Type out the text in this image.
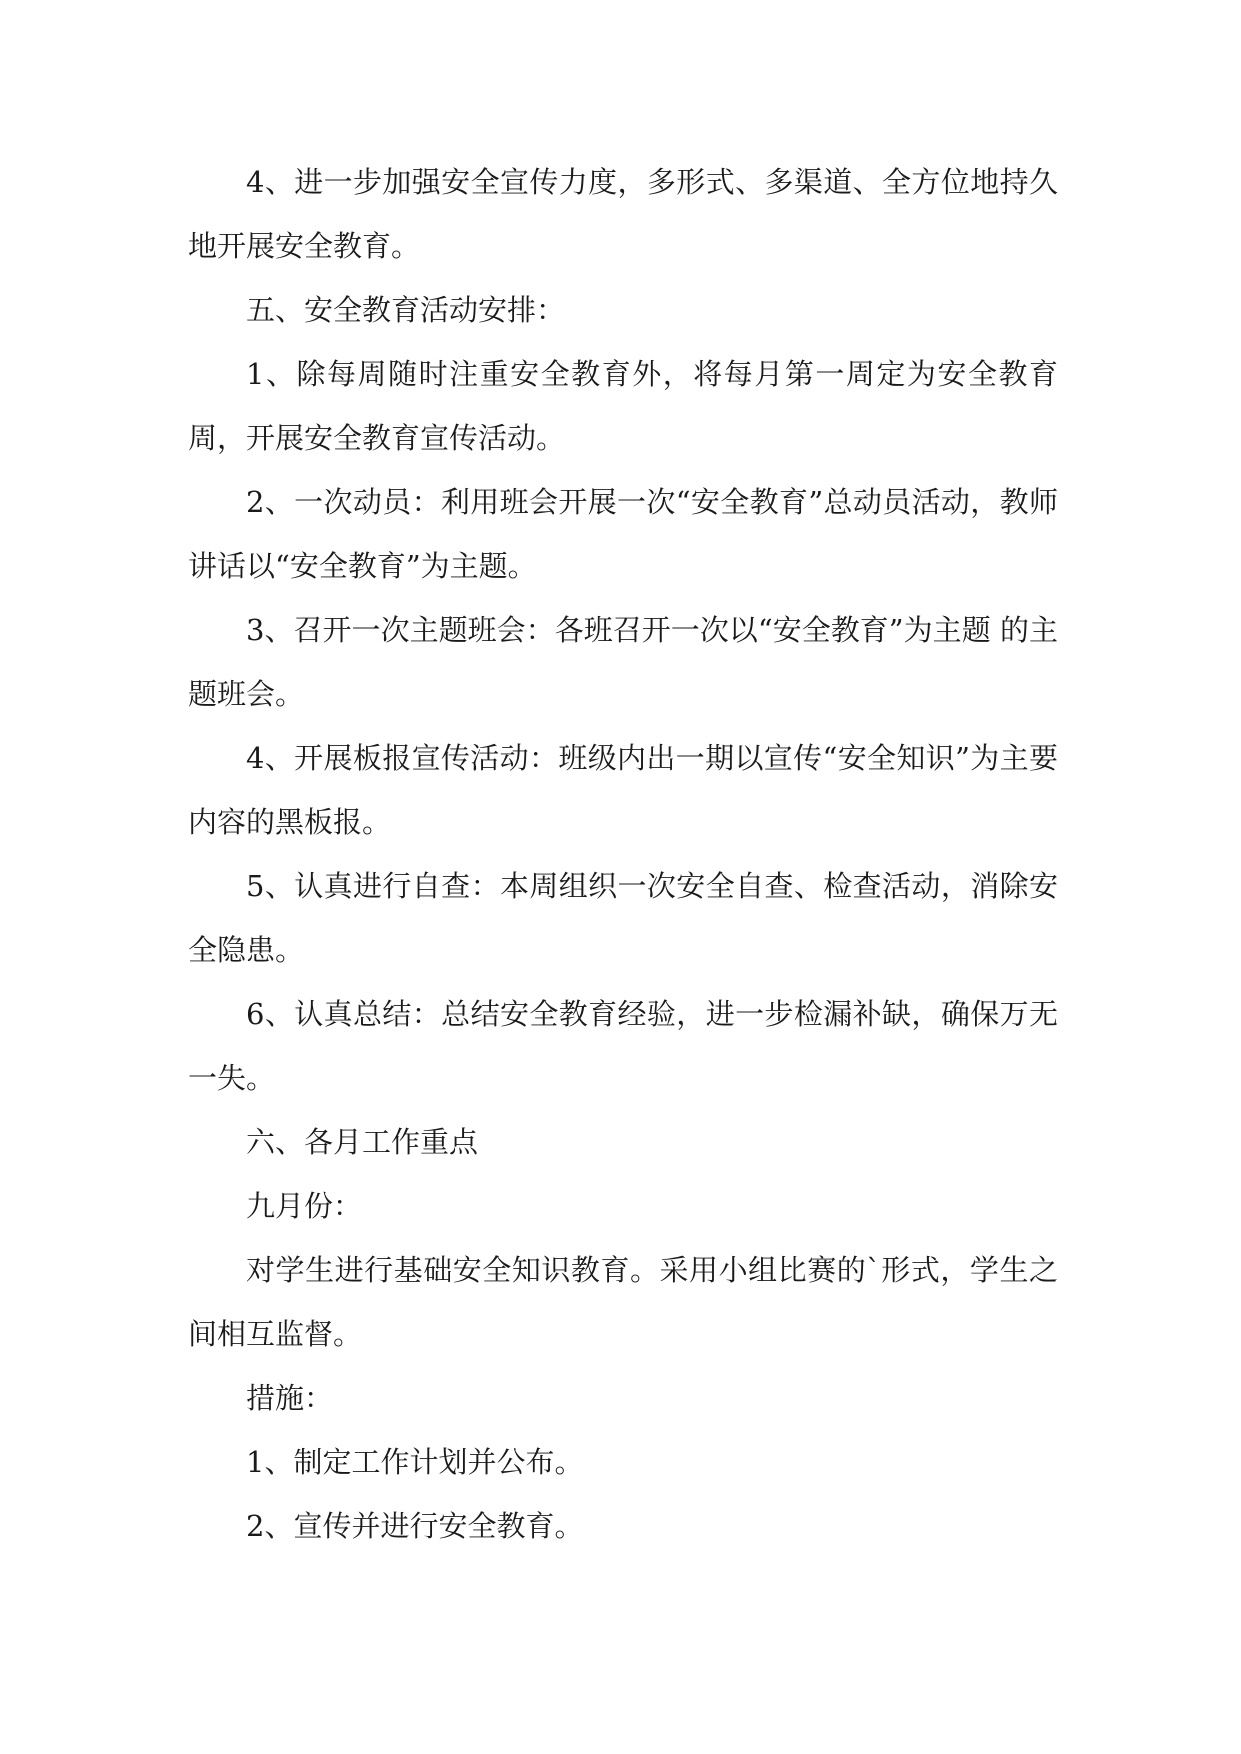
4、进一步加强安全宣传力度，多形式、多渠道、全方位地持久地开展安全教育。

五、安全教育活动安排：

1、除每周随时注重安全教育外，将每月第一周定为安全教育周，开展安全教育宣传活动。

2、一次动员：利用班会开展一次“安全教育”总动员活动，教师讲话以“安全教育”为主题。

3、召开一次主题班会：各班召开一次以“安全教育”为主题 的主题班会。

4、开展板报宣传活动：班级内出一期以宣传“安全知识”为主要内容的黑板报。

5、认真进行自查：本周组织一次安全自查、检查活动，消除安全隐患。

6、认真总结：总结安全教育经验，进一步检漏补缺，确保万无一失。

六、各月工作重点

九月份：

对学生进行基础安全知识教育。采用小组比赛的`形式，学生之间相互监督。

措施：

1、制定工作计划并公布。

2、宣传并进行安全教育。
